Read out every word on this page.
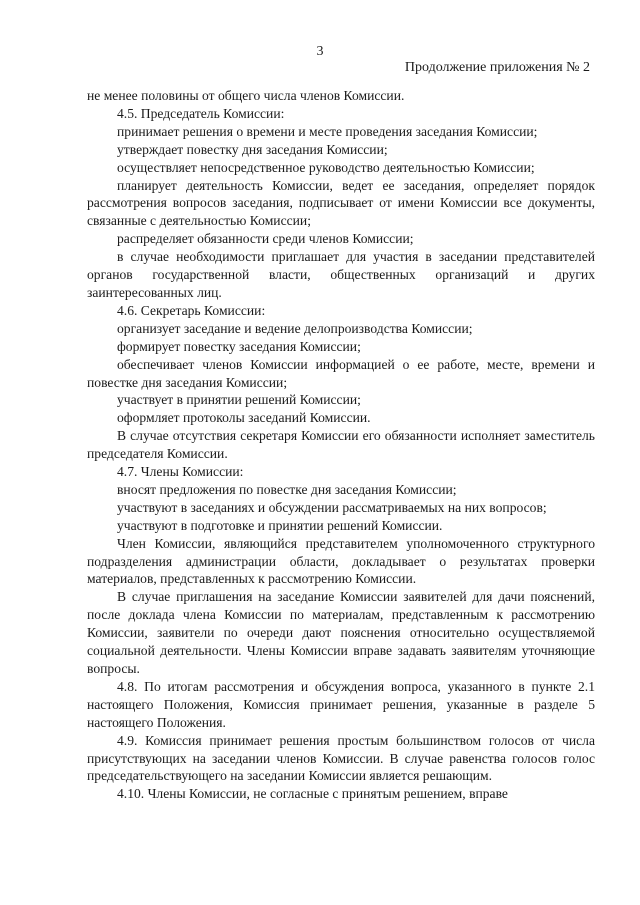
3
Продолжение приложения № 2

не менее половины от общего числа членов Комиссии.

4.5. Председатель Комиссии:

принимает решения о времени и месте проведения заседания Комиссии;

утверждает повестку дня заседания Комиссии;

осуществляет непосредственное руководство деятельностью Комиссии;

планирует деятельность Комиссии, ведет ее заседания, определяет порядок рассмотрения вопросов заседания, подписывает от имени Комиссии все документы, связанные с деятельностью Комиссии;

распределяет обязанности среди членов Комиссии;

в случае необходимости приглашает для участия в заседании представителей органов государственной власти, общественных организаций и других заинтересованных лиц.

4.6. Секретарь Комиссии:

организует заседание и ведение делопроизводства Комиссии;

формирует повестку заседания Комиссии;

обеспечивает членов Комиссии информацией о ее работе, месте, времени и повестке дня заседания Комиссии;

участвует в принятии решений Комиссии;

оформляет протоколы заседаний Комиссии.

В случае отсутствия секретаря Комиссии его обязанности исполняет заместитель председателя Комиссии.

4.7. Члены Комиссии:

вносят предложения по повестке дня заседания Комиссии;

участвуют в заседаниях и обсуждении рассматриваемых на них вопросов;

участвуют в подготовке и принятии решений Комиссии.

Член Комиссии, являющийся представителем уполномоченного структурного подразделения администрации области, докладывает о результатах проверки материалов, представленных к рассмотрению Комиссии.

В случае приглашения на заседание Комиссии заявителей для дачи пояснений, после доклада члена Комиссии по материалам, представленным к рассмотрению Комиссии, заявители по очереди дают пояснения относительно осуществляемой социальной деятельности. Члены Комиссии вправе задавать заявителям уточняющие вопросы.

4.8. По итогам рассмотрения и обсуждения вопроса, указанного в пункте 2.1 настоящего Положения, Комиссия принимает решения, указанные в разделе 5 настоящего Положения.

4.9. Комиссия принимает решения простым большинством голосов от числа присутствующих на заседании членов Комиссии. В случае равенства голосов голос председательствующего на заседании Комиссии является решающим.

4.10. Члены Комиссии, не согласные с принятым решением, вправе
